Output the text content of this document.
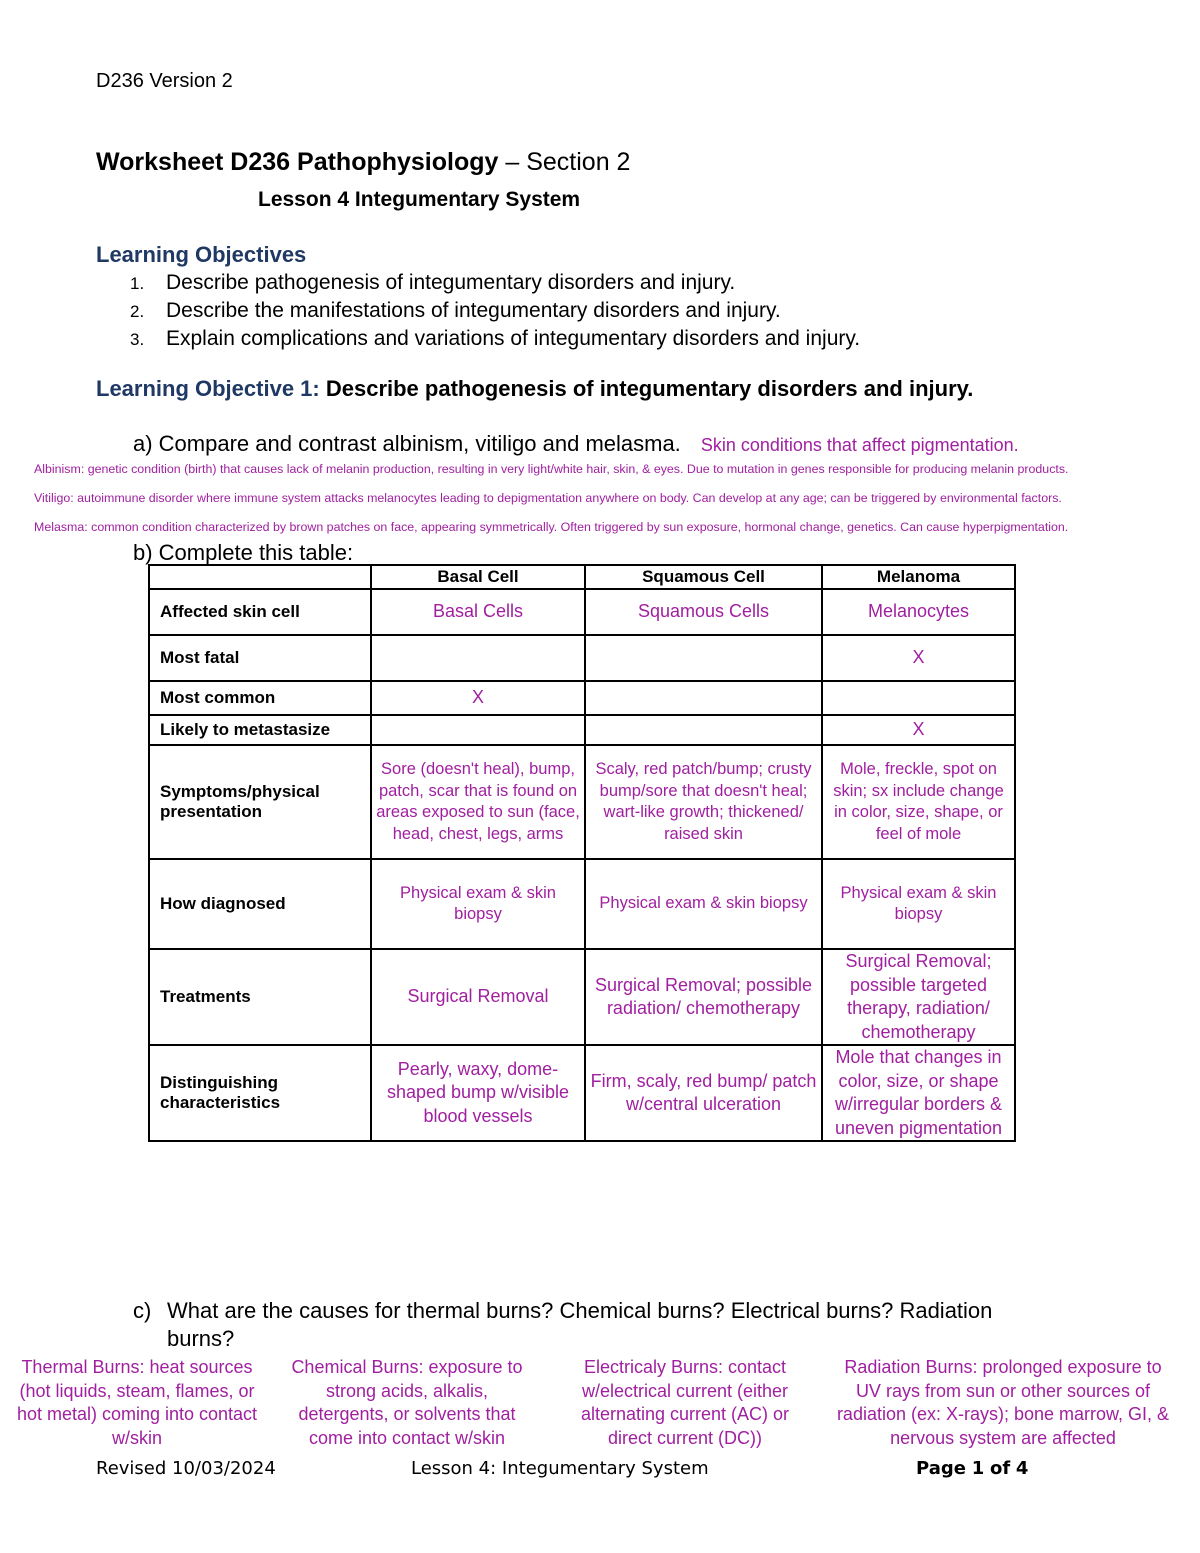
D236 Version 2
Worksheet D236 Pathophysiology – Section 2
Lesson 4 Integumentary System
Learning Objectives
1. Describe pathogenesis of integumentary disorders and injury.
2. Describe the manifestations of integumentary disorders and injury.
3. Explain complications and variations of integumentary disorders and injury.
Learning Objective 1: Describe pathogenesis of integumentary disorders and injury.
a) Compare and contrast albinism, vitiligo and melasma. Skin conditions that affect pigmentation.
Albinism: genetic condition (birth) that causes lack of melanin production, resulting in very light/white hair, skin, & eyes. Due to mutation in genes responsible for producing melanin products.
Vitiligo: autoimmune disorder where immune system attacks melanocytes leading to depigmentation anywhere on body. Can develop at any age; can be triggered by environmental factors.
Melasma: common condition characterized by brown patches on face, appearing symmetrically. Often triggered by sun exposure, hormonal change, genetics. Can cause hyperpigmentation.
b) Complete this table:
	Basal Cell	Squamous Cell	Melanoma
Affected skin cell	Basal Cells	Squamous Cells	Melanocytes
Most fatal			X
Most common	X		
Likely to metastasize			X
Symptoms/physical presentation	Sore (doesn't heal), bump, patch, scar that is found on areas exposed to sun (face, head, chest, legs, arms	Scaly, red patch/bump; crusty bump/sore that doesn't heal; wart-like growth; thickened/ raised skin	Mole, freckle, spot on skin; sx include change in color, size, shape, or feel of mole
How diagnosed	Physical exam & skin biopsy	Physical exam & skin biopsy	Physical exam & skin biopsy
Treatments	Surgical Removal	Surgical Removal; possible radiation/ chemotherapy	Surgical Removal; possible targeted therapy, radiation/ chemotherapy
Distinguishing characteristics	Pearly, waxy, dome-shaped bump w/visible blood vessels	Firm, scaly, red bump/ patch w/central ulceration	Mole that changes in color, size, or shape w/irregular borders & uneven pigmentation
c) What are the causes for thermal burns? Chemical burns? Electrical burns? Radiation
burns?
Thermal Burns: heat sources (hot liquids, steam, flames, or hot metal) coming into contact w/skin
Chemical Burns: exposure to strong acids, alkalis, detergents, or solvents that come into contact w/skin
Electricaly Burns: contact w/electrical current (either alternating current (AC) or direct current (DC))
Radiation Burns: prolonged exposure to UV rays from sun or other sources of radiation (ex: X-rays); bone marrow, GI, & nervous system are affected
Revised 10/03/2024	Lesson 4: Integumentary System	Page 1 of 4
